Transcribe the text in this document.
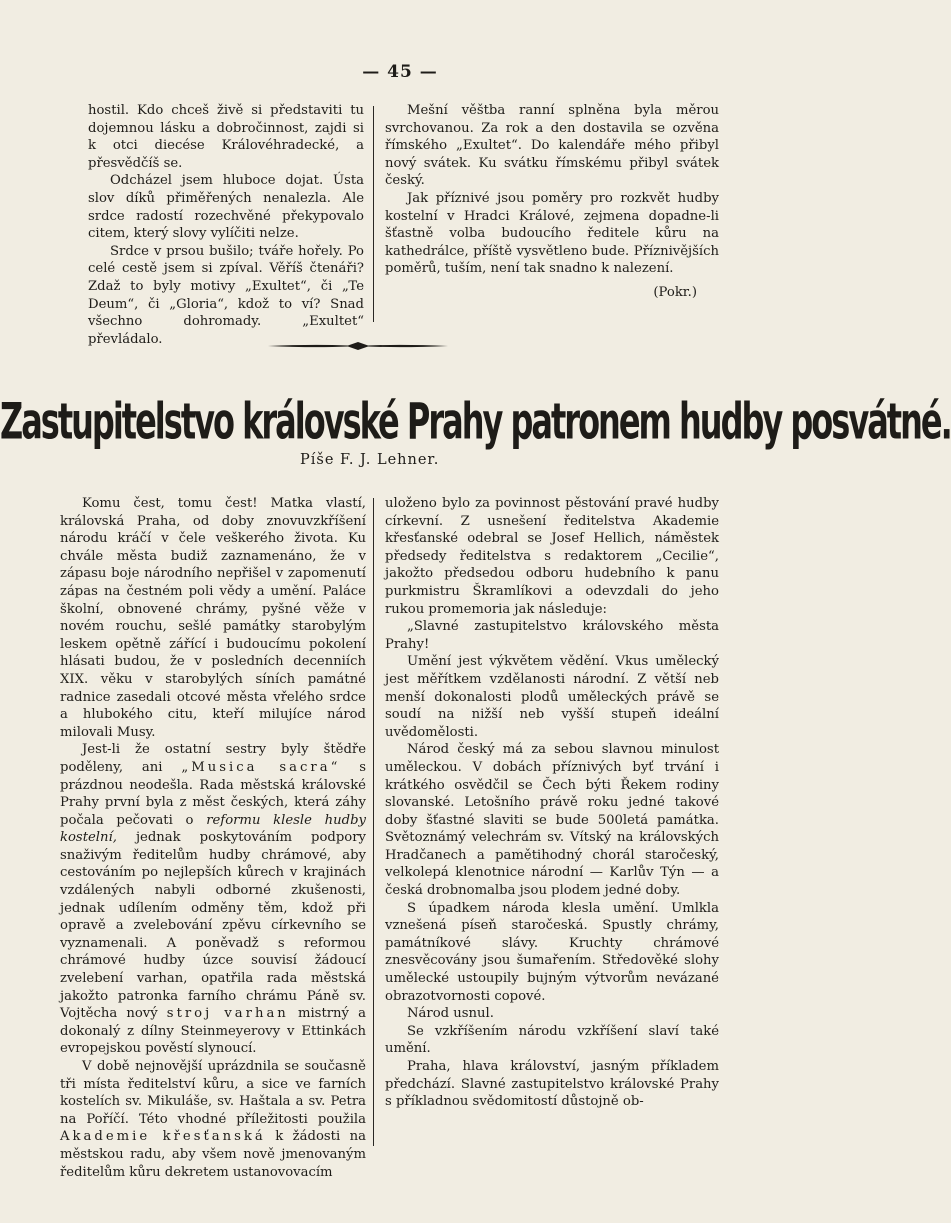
— 45 —

hostil. Kdo chceš živě si představiti tu dojemnou lásku a dobročinnost, zajdi si k otci diecése Královéhradecké, a přesvědčíš se.

Odcházel jsem hluboce dojat. Ústa slov díků přiměřených nenalezla. Ale srdce radostí rozechvěné překypovalo citem, který slovy vylíčiti nelze.

Srdce v prsou bušilo; tváře hořely. Po celé cestě jsem si zpíval. Věříš čtenáři? Zdaž to byly motivy „Exultet“, či „Te Deum“, či „Gloria“, kdož to ví? Snad všechno dohromady. „Exultet“ převládalo.

Mešní věštba ranní splněna byla měrou svrchovanou. Za rok a den dostavila se ozvěna římského „Exultet“. Do kalendáře mého přibyl nový svátek. Ku svátku římskému přibyl svátek český.

Jak příznivé jsou poměry pro rozkvět hudby kostelní v Hradci Králové, zejmena dopadne-li šťastně volba budoucího ředitele kůru na kathedrálce, příště vysvětleno bude. Příznivějších poměrů, tuším, není tak snadno k nalezení.

(Pokr.)

Zastupitelstvo královské Prahy patronem hudby posvátné.
Píše F. J. Lehner.

Komu čest, tomu čest! Matka vlastí, královská Praha, od doby znovuvzkříšení národu kráčí v čele veškerého života. Ku chvále města budiž zaznamenáno, že v zápasu boje národního nepřišel v zapomenutí zápas na čestném poli vědy a umění. Paláce školní, obnovené chrámy, pyšné věže v novém rouchu, sešlé památky starobylým leskem opětně zářící i budoucímu pokolení hlásati budou, že v posledních decenniích XIX. věku v starobylých síních památné radnice zasedali otcové města vřelého srdce a hlubokého citu, kteří milujíce národ milovali Musy.

Jest-li že ostatní sestry byly štědře poděleny, ani „Musica sacra“ s prázdnou neodešla. Rada městská královské Prahy první byla z měst českých, která záhy počala pečovati o reformu klesle hudby kostelní, jednak poskytováním podpory snaživým ředitelům hudby chrámové, aby cestováním po nejlepších kůrech v krajinách vzdálených nabyli odborné zkušenosti, jednak udílením odměny těm, kdož při opravě a zvelebování zpěvu církevního se vyznamenali. A poněvadž s reformou chrámové hudby úzce souvisí žádoucí zvelebení varhan, opatřila rada městská jakožto patronka farního chrámu Páně sv. Vojtěcha nový stroj varhan mistrný a dokonalý z dílny Steinmeyerovy v Ettinkách evropejskou pověstí slynoucí.

V době nejnovější uprázdnila se současně tři místa ředitelství kůru, a sice ve farních kostelích sv. Mikuláše, sv. Haštala a sv. Petra na Poříčí. Této vhodné příležitosti použila Akademie křesťanská k žádosti na městskou radu, aby všem nově jmenovaným ředitelům kůru dekretem ustanovovacím

uloženo bylo za povinnost pěstování pravé hudby církevní. Z usnešení ředitelstva Akademie křesťanské odebral se Josef Hellich, náměstek předsedy ředitelstva s redaktorem „Cecilie“, jakožto předsedou odboru hudebního k panu purkmistru Škramlíkovi a odevzdali do jeho rukou promemoria jak následuje:

„Slavné zastupitelstvo královského města Prahy!

Umění jest výkvětem vědění. Vkus umělecký jest měřítkem vzdělanosti národní. Z větší neb menší dokonalosti plodů uměleckých právě se soudí na nižší neb vyšší stupeň ideální uvědomělosti.

Národ český má za sebou slavnou minulost uměleckou. V dobách příznivých byť trvání i krátkého osvědčil se Čech býti Řekem rodiny slovanské. Letošního právě roku jedné takové doby šťastné slaviti se bude 500letá památka. Světoznámý velechrám sv. Vítský na královských Hradčanech a pamětihodný chorál staročeský, velkolepá klenotnice národní — Karlův Týn — a česká drobnomalba jsou plodem jedné doby.

S úpadkem národa klesla umění. Umlkla vznešená píseň staročeská. Spustly chrámy, památníkové slávy. Kruchty chrámové znesvěcovány jsou šumařením. Středověké slohy umělecké ustoupily bujným výtvorům nevázané obrazotvornosti copové.

Národ usnul.

Se vzkříšením národu vzkříšení slaví také umění.

Praha, hlava království, jasným příkladem předchází. Slavné zastupitelstvo královské Prahy s příkladnou svědomitostí důstojně ob-
